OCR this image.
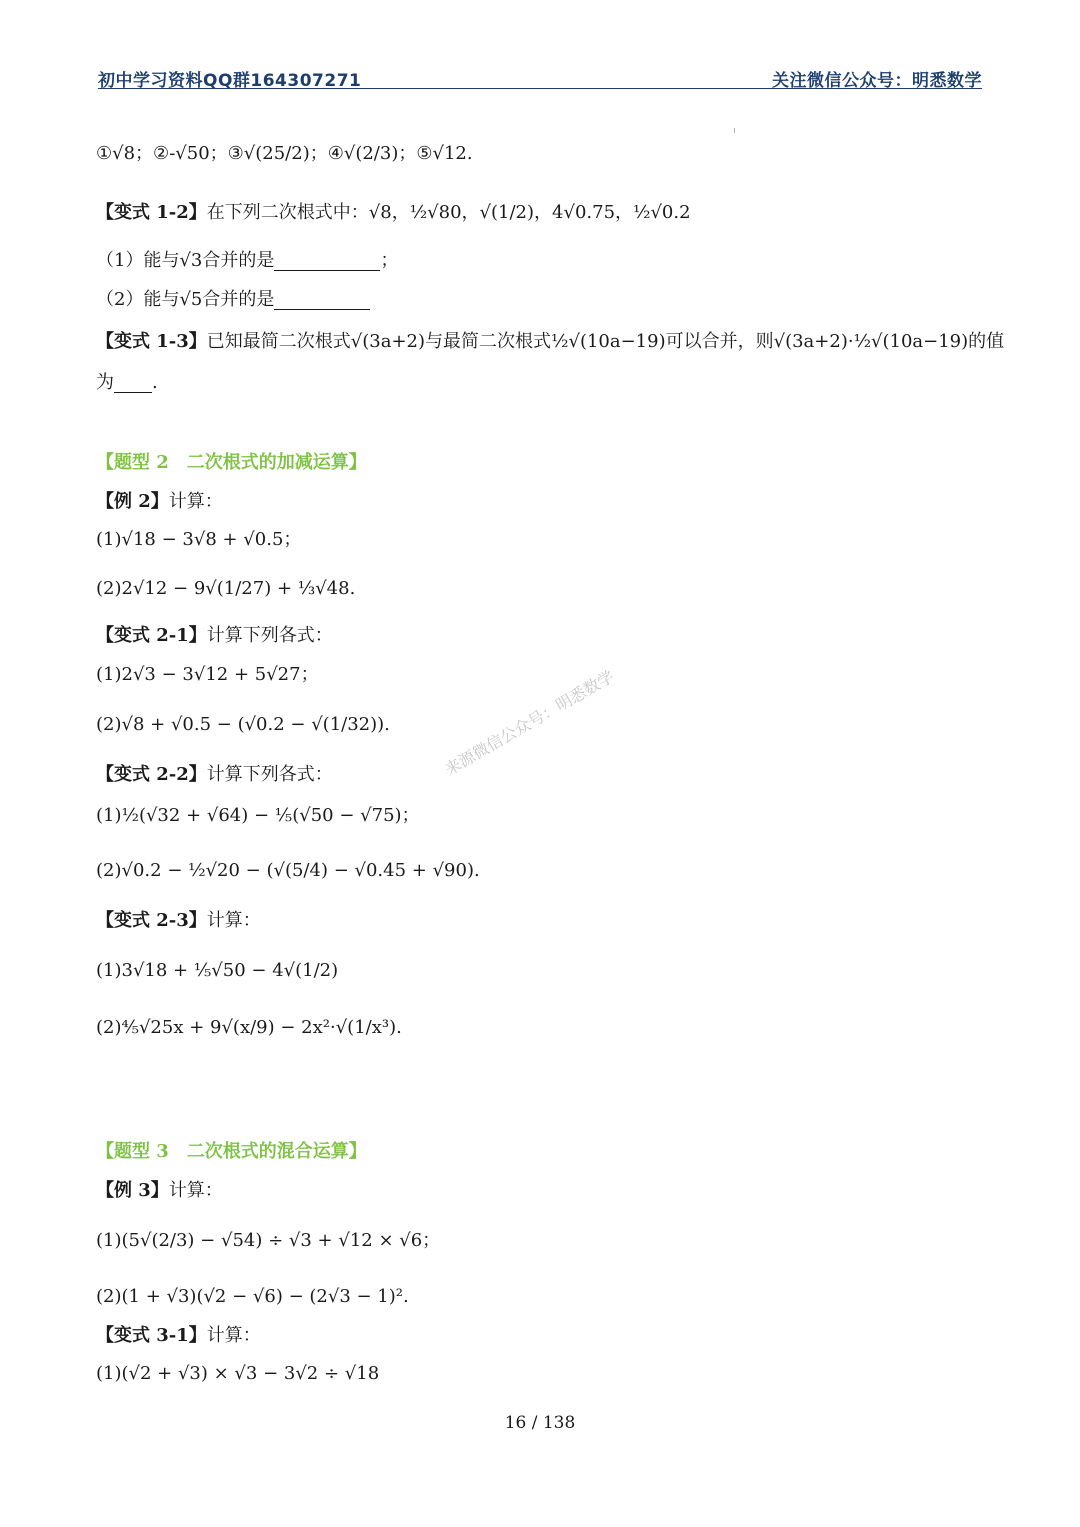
初中学习资料QQ群164307271	关注微信公众号：明悉数学
①√8；②-√50；③√(25/2)；④√(2/3)；⑤√12.
【变式 1-2】在下列二次根式中：√8，½√80，√(1/2)，4√0.75，½√0.2
（1）能与√3合并的是	；
（2）能与√5合并的是
【变式 1-3】已知最简二次根式√(3a+2)与最简二次根式½√(10a−19)可以合并，则√(3a+2)·½√(10a−19)的值
为 .
【题型 2　二次根式的加减运算】
【例 2】计算：
(1)√18 − 3√8 + √0.5；
(2)2√12 − 9√(1/27) + ⅓√48.
【变式 2-1】计算下列各式：
(1)2√3 − 3√12 + 5√27；
(2)√8 + √0.5 − (√0.2 − √(1/32)).
【变式 2-2】计算下列各式：
(1)½(√32 + √64) − ⅕(√50 − √75)；
(2)√0.2 − ½√20 − (√(5/4) − √0.45 + √90).
【变式 2-3】计算：
(1)3√18 + ⅕√50 − 4√(1/2)
(2)⅘√25x + 9√(x/9) − 2x²·√(1/x³).
【题型 3　二次根式的混合运算】
【例 3】计算：
(1)(5√(2/3) − √54) ÷ √3 + √12 × √6；
(2)(1 + √3)(√2 − √6) − (2√3 − 1)².
【变式 3-1】计算：
(1)(√2 + √3) × √3 − 3√2 ÷ √18
来源微信公众号：明悉数学
16 / 138
